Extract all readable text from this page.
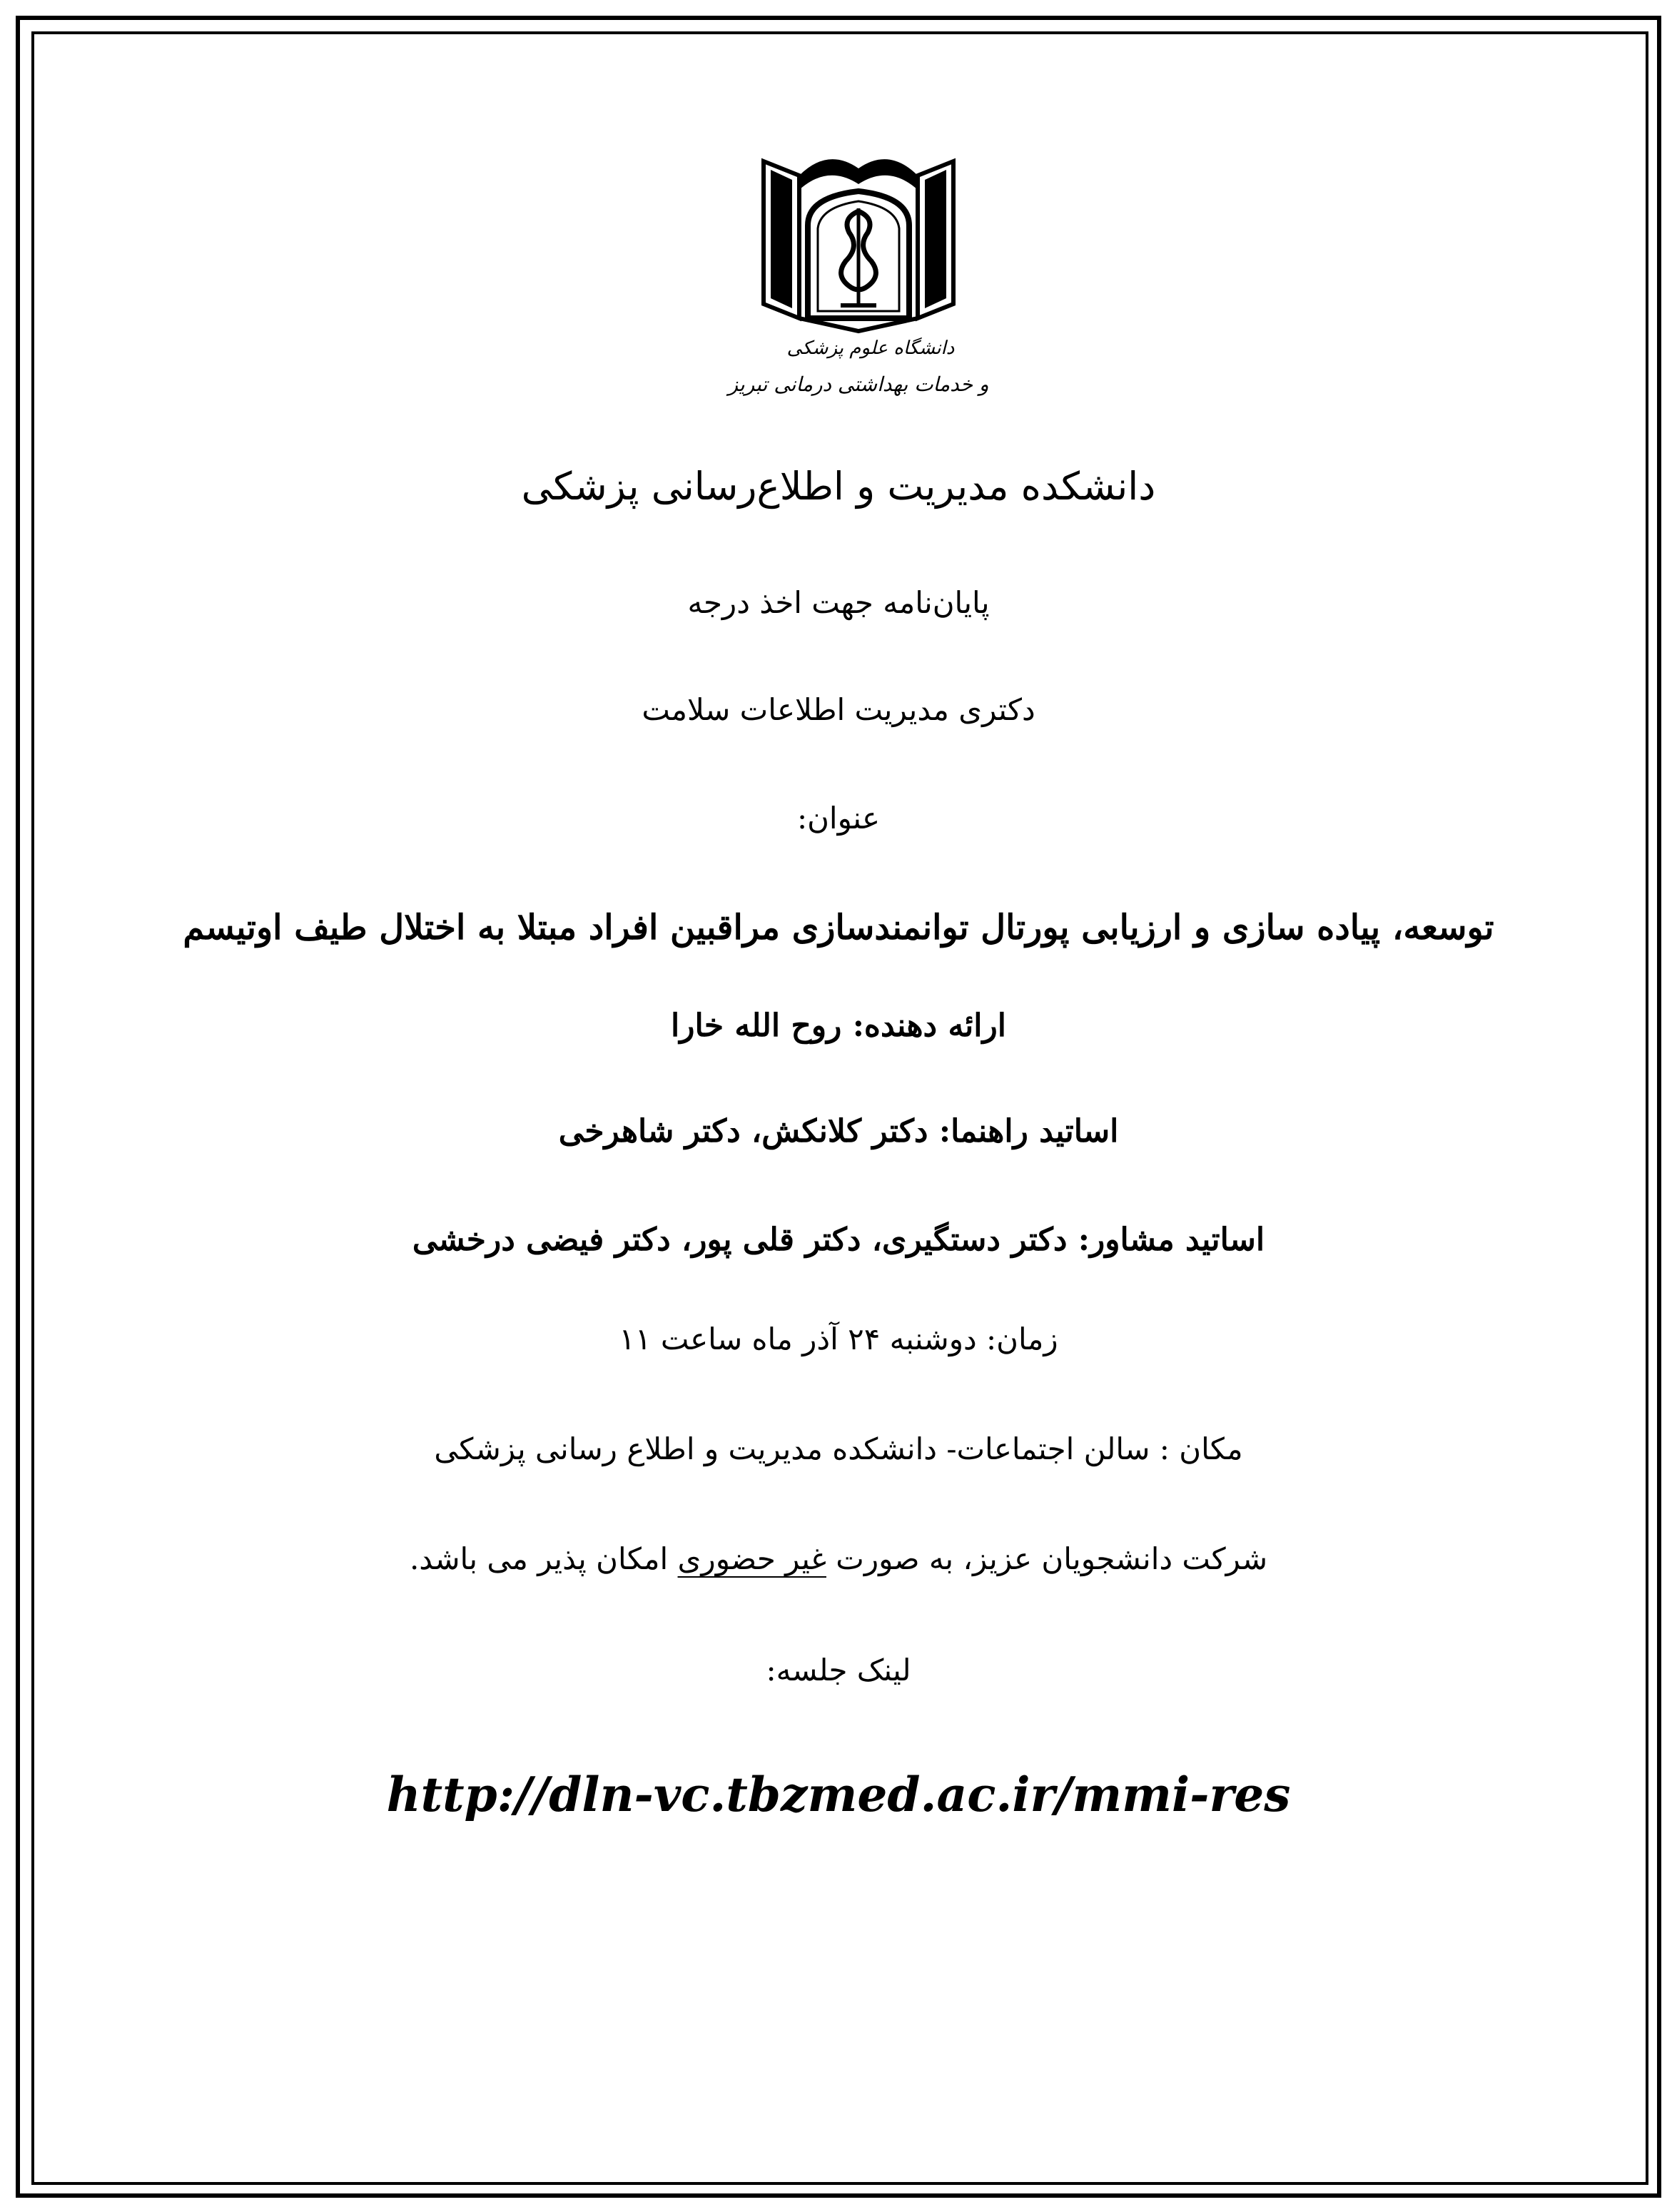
دانشگاه علوم پزشکی
و خدمات بهداشتی درمانی تبریز
دانشکده مدیریت و اطلاع‌رسانی پزشکی
پایان‌نامه جهت اخذ درجه
دکتری مدیریت اطلاعات سلامت
عنوان:
توسعه، پیاده سازی و ارزیابی پورتال توانمندسازی مراقبین افراد مبتلا به اختلال طیف اوتیسم
ارائه دهنده: روح الله خارا
اساتید راهنما: دکتر کلانکش، دکتر شاهرخی
اساتید مشاور: دکتر دستگیری، دکتر قلی پور، دکتر فیضی درخشی
زمان: دوشنبه ۲۴ آذر ماه ساعت ۱۱
مکان : سالن اجتماعات- دانشکده مدیریت و اطلاع رسانی پزشکی
شرکت دانشجویان عزیز، به صورت غیر حضوری امکان پذیر می باشد.
لینک جلسه:
http://dln-vc.tbzmed.ac.ir/mmi-res
